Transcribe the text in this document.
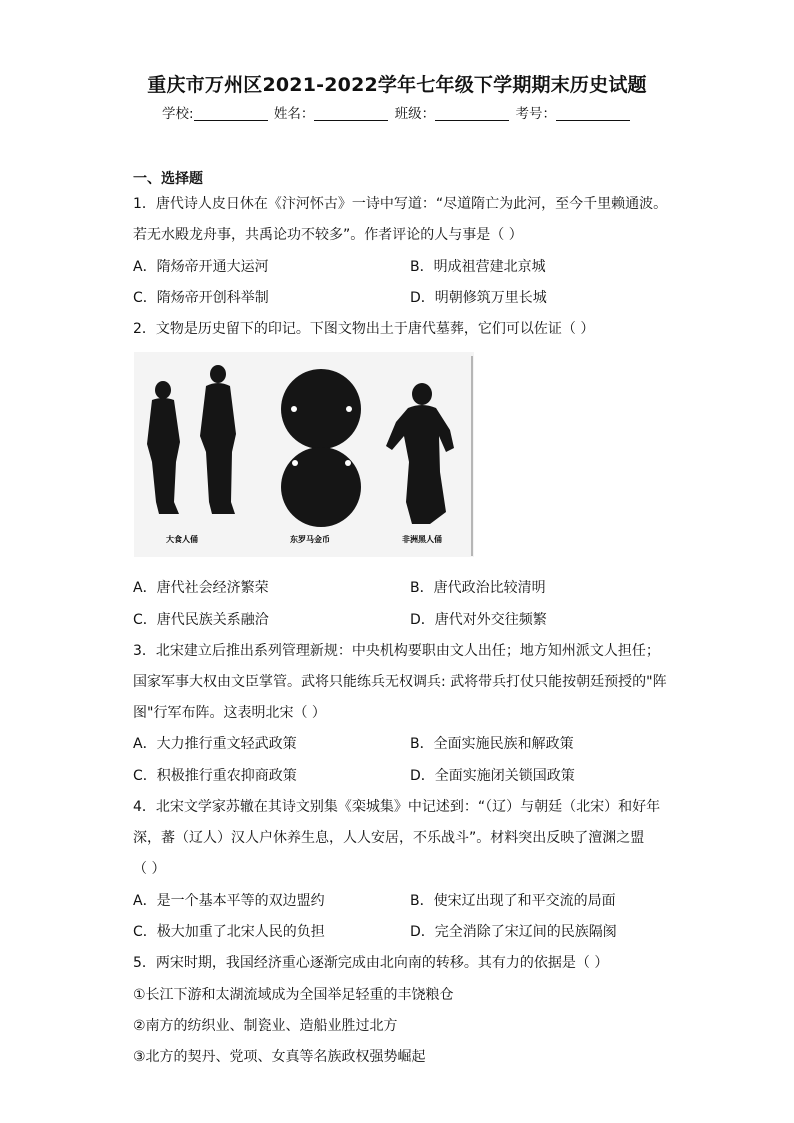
重庆市万州区2021-2022学年七年级下学期期末历史试题
学校:	姓名：	班级：	考号：
一、选择题
1．唐代诗人皮日休在《汴河怀古》一诗中写道：“尽道隋亡为此河，至今千里赖通波。
若无水殿龙舟事，共禹论功不较多”。作者评论的人与事是（ ）
A．隋炀帝开通大运河	B．明成祖营建北京城
C．隋炀帝开创科举制	D．明朝修筑万里长城
2．文物是历史留下的印记。下图文物出土于唐代墓葬，它们可以佐证（ ）
大食人俑	东罗马金币	非洲黑人俑
A．唐代社会经济繁荣	B．唐代政治比较清明
C．唐代民族关系融洽	D．唐代对外交往频繁
3．北宋建立后推出系列管理新规：中央机构要职由文人出任；地方知州派文人担任；
国家军事大权由文臣掌管。武将只能练兵无权调兵: 武将带兵打仗只能按朝廷预授的"阵
图"行军布阵。这表明北宋（ ）
A．大力推行重文轻武政策	B．全面实施民族和解政策
C．积极推行重农抑商政策	D．全面实施闭关锁国政策
4．北宋文学家苏辙在其诗文别集《栾城集》中记述到：“（辽）与朝廷（北宋）和好年
深，蕃（辽人）汉人户休养生息，人人安居，不乐战斗”。材料突出反映了澶渊之盟
（ ）
A．是一个基本平等的双边盟约	B．使宋辽出现了和平交流的局面
C．极大加重了北宋人民的负担	D．完全消除了宋辽间的民族隔阂
5．两宋时期，我国经济重心逐渐完成由北向南的转移。其有力的依据是（ ）
①长江下游和太湖流域成为全国举足轻重的丰饶粮仓
②南方的纺织业、制瓷业、造船业胜过北方
③北方的契丹、党项、女真等名族政权强势崛起
